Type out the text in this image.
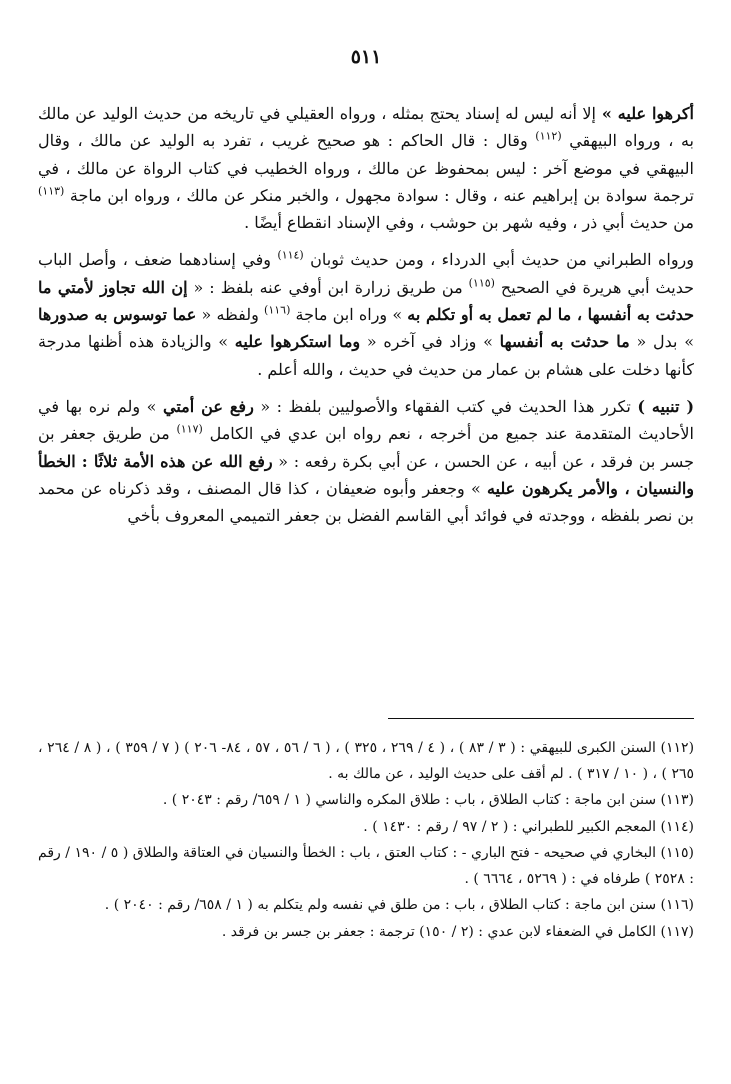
٥١١

أكرهوا عليه » إلا أنه ليس له إسناد يحتج بمثله ، ورواه العقيلي في تاريخه من حديث الوليد عن مالك به ، ورواه البيهقي $^{(١١٢)}$ وقال : قال الحاكم : هو صحيح غريب ، تفرد به الوليد عن مالك ، وقال البيهقي في موضع آخر : ليس بمحفوظ عن مالك ، ورواه الخطيب في كتاب الرواة عن مالك ، في ترجمة سوادة بن إبراهيم عنه ، وقال : سوادة مجهول ، والخبر منكر عن مالك ، ورواه ابن ماجة $^{(١١٣)}$ من حديث أبي ذر ، وفيه شهر بن حوشب ، وفي الإسناد انقطاع أيضًا .

ورواه الطبراني من حديث أبي الدرداء ، ومن حديث ثوبان $^{(١١٤)}$ وفي إسنادهما ضعف ، وأصل الباب حديث أبي هريرة في الصحيح $^{(١١٥)}$ من طريق زرارة ابن أوفي عنه بلفظ : « إن الله تجاوز لأمتي ما حدثت به أنفسها ، ما لم تعمل به أو تكلم به » وراه ابن ماجة $^{(١١٦)}$ ولفظه « عما توسوس به صدورها » بدل « ما حدثت به أنفسها » وزاد في آخره « وما استكرهوا عليه » والزيادة هذه أظنها مدرجة كأنها دخلت على هشام بن عمار من حديث في حديث ، والله أعلم .

( تنبيه ) تكرر هذا الحديث في كتب الفقهاء والأصوليين بلفظ : « رفع عن أمتي » ولم نره بها في الأحاديث المتقدمة عند جميع من أخرجه ، نعم رواه ابن عدي في الكامل $^{(١١٧)}$ من طريق جعفر بن جسر بن فرقد ، عن أبيه ، عن الحسن ، عن أبي بكرة رفعه : « رفع الله عن هذه الأمة ثلاثًا : الخطأ والنسيان ، والأمر يكرهون عليه » وجعفر وأبوه ضعيفان ، كذا قال المصنف ، وقد ذكرناه عن محمد بن نصر بلفظه ، ووجدته في فوائد أبي القاسم الفضل بن جعفر التميمي المعروف بأخي

(١١٢) السنن الكبرى للبيهقي : ( ٣ / ٨٣ ) ، ( ٤ / ٢٦٩ ، ٣٢٥ ) ، ( ٦ / ٥٦ ، ٥٧ ، ٨٤- ٢٠٦ ) ( ٧ / ٣٥٩ ) ، ( ٨ / ٢٦٤ ، ٢٦٥ ) ، ( ١٠ / ٣١٧ ) . لم أقف على حديث الوليد ، عن مالك به .

(١١٣) سنن ابن ماجة : كتاب الطلاق ، باب : طلاق المكره والناسي ( ١ / ٦٥٩/ رقم : ٢٠٤٣ ) .

(١١٤) المعجم الكبير للطبراني : ( ٢ / ٩٧ / رقم : ١٤٣٠ ) .

(١١٥) البخاري في صحيحه - فتح الباري - : كتاب العتق ، باب : الخطأ والنسيان في العتاقة والطلاق ( ٥ / ١٩٠ / رقم : ٢٥٢٨ ) طرفاه في : ( ٥٢٦٩ ، ٦٦٦٤ ) .

(١١٦) سنن ابن ماجة : كتاب الطلاق ، باب : من طلق في نفسه ولم يتكلم به ( ١ / ٦٥٨/ رقم : ٢٠٤٠ ) .

(١١٧) الكامل في الضعفاء لابن عدي : (٢ / ١٥٠) ترجمة : جعفر بن جسر بن فرقد .
